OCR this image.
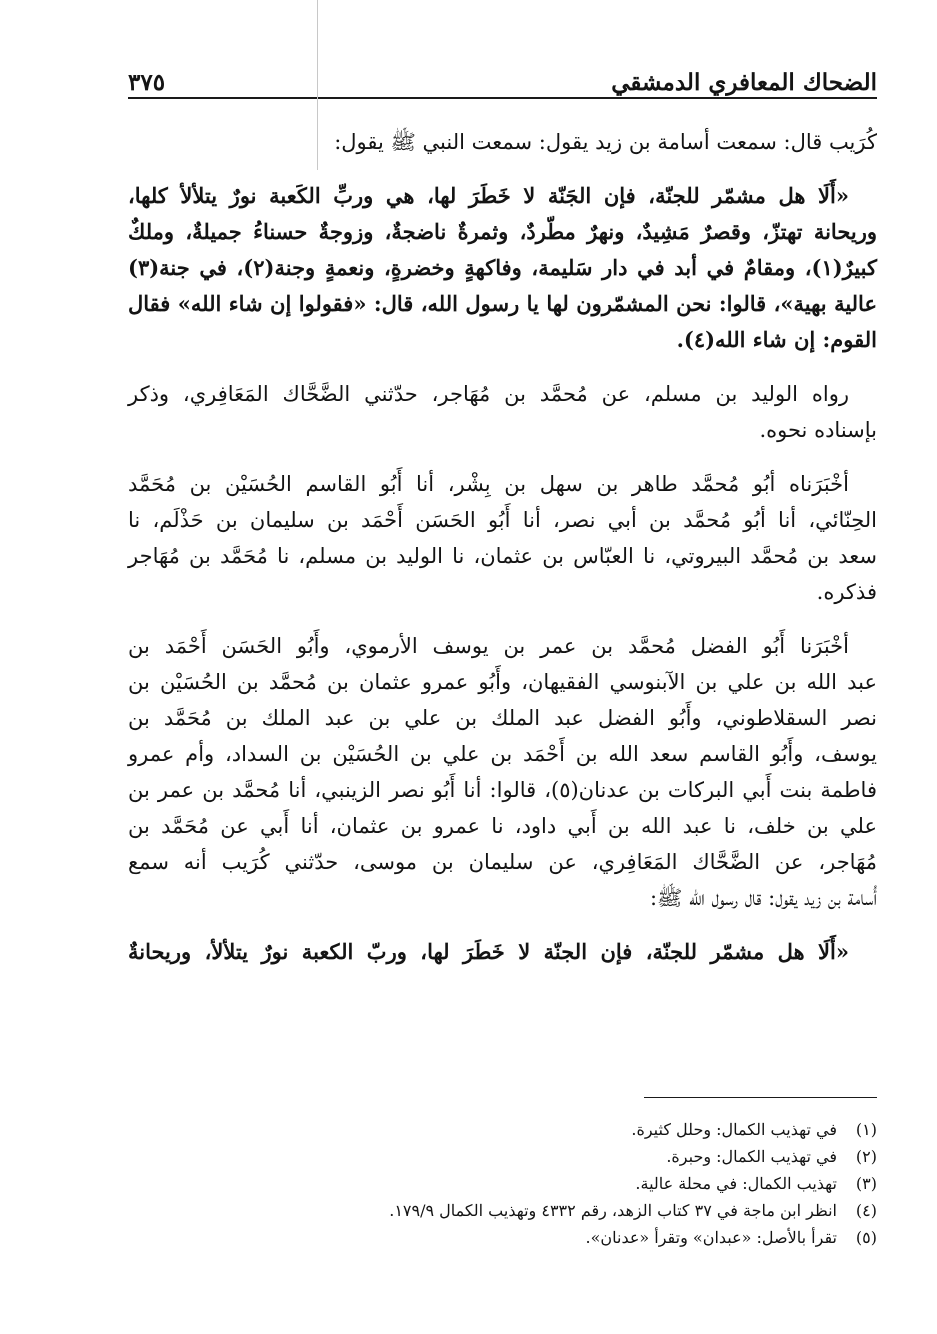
الضحاك المعافري الدمشقي
٣٧٥

كُرَيب قال: سمعت أسامة بن زيد يقول: سمعت النبي ﷺ يقول:

«أَلَا هل مشمّر للجنّة، فإن الجَنّة لا خَطَرَ لها، هي وربِّ الكَعبة نورٌ يتلألأ كلها،
وريحانة تهتزّ، وقصرٌ مَشِيدٌ، ونهرٌ مطّردٌ، وثمرةٌ ناضجةٌ، وزوجةٌ حسناءُ جميلةٌ، وملكٌ
كبيرٌ(١)، ومقامٌ في أبد في دار سَليمة، وفاكهةٍ وخضرةٍ، ونعمةٍ وجنة(٢)، في جنة(٣)
عالية بهية»، قالوا: نحن المشمّرون لها يا رسول الله، قال: «فقولوا إن شاء الله» فقال
القوم: إن شاء الله(٤).

رواه الوليد بن مسلم، عن مُحمَّد بن مُهَاجر، حدّثني الضَّحَّاك المَعَافِري، وذكر
بإسناده نحوه.

أخْبَرَناه أبُو مُحمَّد طاهر بن سهل بن بِشْر، أنا أَبُو القاسم الحُسَيْن بن مُحَمَّد
الحِنّائي، أنا أبُو مُحمَّد بن أبي نصر، أنا أَبُو الحَسَن أَحْمَد بن سليمان بن حَذْلَم، نا
سعد بن مُحمَّد البيروتي، نا العبّاس بن عثمان، نا الوليد بن مسلم، نا مُحَمَّد بن مُهَاجر
فذكره.

أخْبَرَنا أَبُو الفضل مُحمَّد بن عمر بن يوسف الأرموي، وأَبُو الحَسَن أَحْمَد بن
عبد الله بن علي بن الآبنوسي الفقيهان، وأَبُو عمرو عثمان بن مُحمَّد بن الحُسَيْن بن
نصر السقلاطوني، وأَبُو الفضل عبد الملك بن علي بن عبد الملك بن مُحَمَّد بن
يوسف، وأَبُو القاسم سعد الله بن أَحْمَد بن علي بن الحُسَيْن بن السداد، وأم عمرو
فاطمة بنت أَبي البركات بن عدنان(٥)، قالوا: أنا أَبُو نصر الزينبي، أنا مُحمَّد بن عمر بن
علي بن خلف، نا عبد الله بن أَبي داود، نا عمرو بن عثمان، أنا أَبي عن مُحَمَّد بن
مُهَاجر، عن الضَّحَّاك المَعَافِري، عن سليمان بن موسى، حدّثني كُرَيب أنه سمع
أُسامة بن زيد يقول: قال رسول الله ﷺ:

«أَلَا هل مشمّر للجنّة، فإن الجنّة لا خَطَرَ لها، وربّ الكعبة نورٌ يتلألأ، وريحانةٌ

(١)
في تهذيب الكمال: وحلل كثيرة.
(٢)
في تهذيب الكمال: وحبرة.
(٣)
تهذيب الكمال: في محلة عالية.
(٤)
انظر ابن ماجة في ٣٧ كتاب الزهد، رقم ٤٣٣٢ وتهذيب الكمال ١٧٩/٩.
(٥)
تقرأ بالأصل: «عبدان» وتقرأ «عدنان».
